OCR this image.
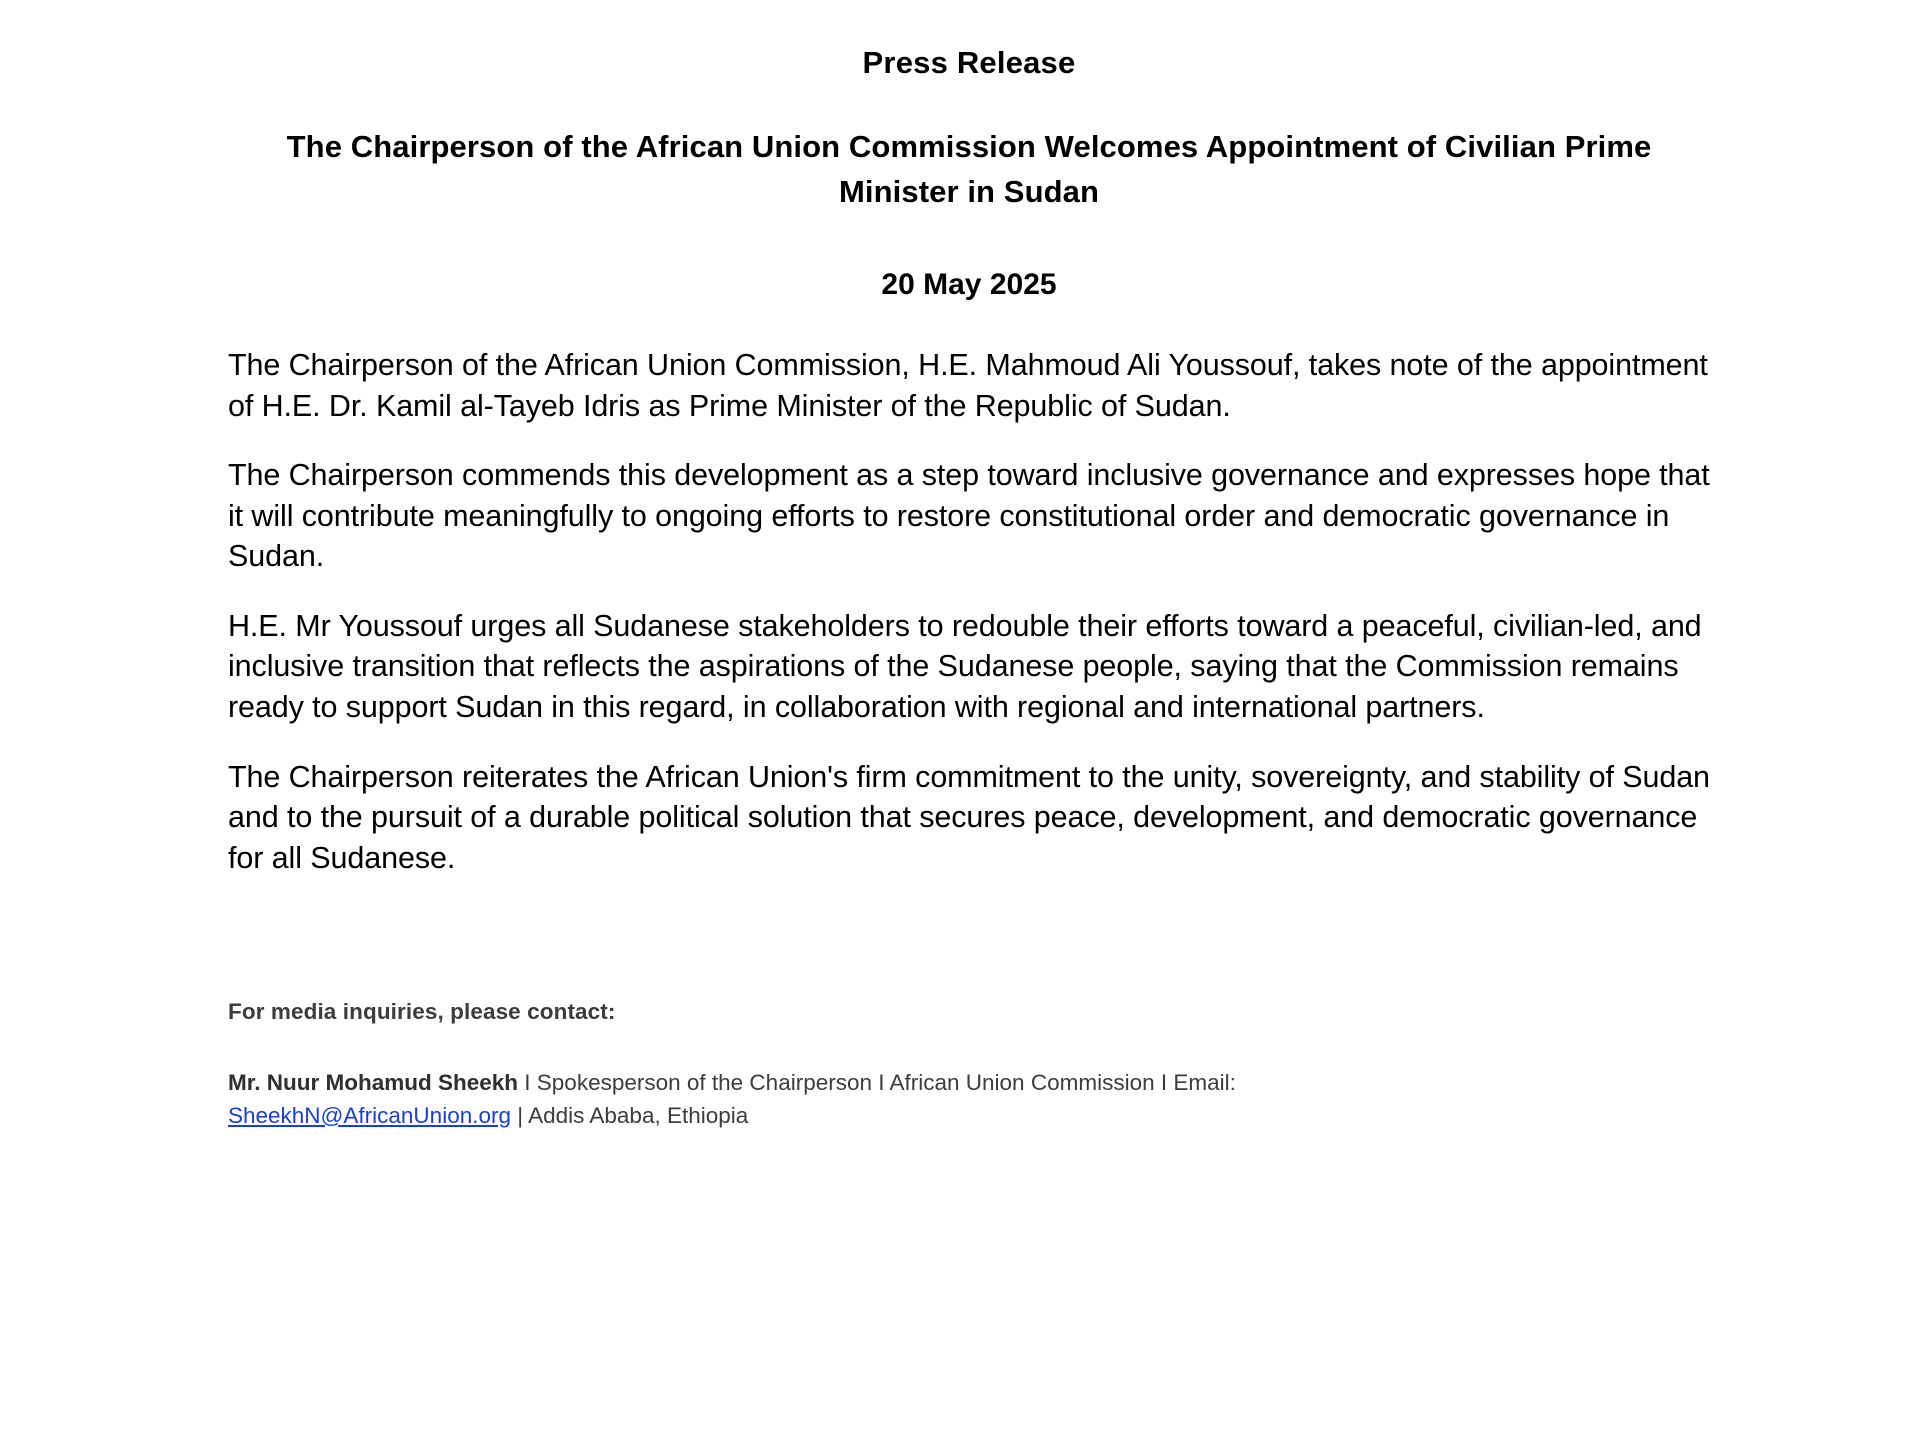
Press Release
The Chairperson of the African Union Commission Welcomes Appointment of Civilian Prime Minister in Sudan
20 May 2025

The Chairperson of the African Union Commission, H.E. Mahmoud Ali Youssouf, takes note of the appointment of H.E. Dr. Kamil al-Tayeb Idris as Prime Minister of the Republic of Sudan.

The Chairperson commends this development as a step toward inclusive governance and expresses hope that it will contribute meaningfully to ongoing efforts to restore constitutional order and democratic governance in Sudan.

H.E. Mr Youssouf urges all Sudanese stakeholders to redouble their efforts toward a peaceful, civilian-led, and inclusive transition that reflects the aspirations of the Sudanese people, saying that the Commission remains ready to support Sudan in this regard, in collaboration with regional and international partners.

The Chairperson reiterates the African Union's firm commitment to the unity, sovereignty, and stability of Sudan and to the pursuit of a durable political solution that secures peace, development, and democratic governance for all Sudanese.

For media inquiries, please contact:

Mr. Nuur Mohamud Sheekh I Spokesperson of the Chairperson I African Union Commission I Email:
SheekhN@AfricanUnion.org | Addis Ababa, Ethiopia
